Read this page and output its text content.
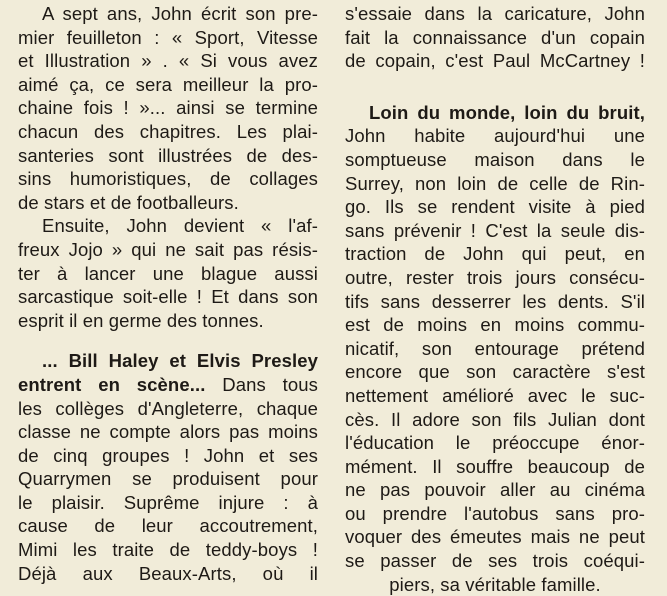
A sept ans, John écrit son pre-
mier feuilleton : « Sport, Vitesse
et Illustration » . « Si vous avez
aimé ça, ce sera meilleur la pro-
chaine fois ! »... ainsi se termine
chacun des chapitres. Les plai-
santeries sont illustrées de des-
sins humoristiques, de collages
de stars et de footballeurs.
Ensuite, John devient « l'af-
freux Jojo » qui ne sait pas résis-
ter à lancer une blague aussi
sarcastique soit-elle ! Et dans son
esprit il en germe des tonnes.
... Bill Haley et Elvis Presley
entrent en scène... Dans tous
les collèges d'Angleterre, chaque
classe ne compte alors pas moins
de cinq groupes ! John et ses
Quarrymen se produisent pour
le plaisir. Suprême injure : à
cause de leur accoutrement,
Mimi les traite de teddy-boys !
Déjà aux Beaux-Arts, où il
s'essaie dans la caricature, John
fait la connaissance d'un copain
de copain, c'est Paul McCartney !
Loin du monde, loin du bruit,
John habite aujourd'hui une
somptueuse maison dans le
Surrey, non loin de celle de Rin-
go. Ils se rendent visite à pied
sans prévenir ! C'est la seule dis-
traction de John qui peut, en
outre, rester trois jours consécu-
tifs sans desserrer les dents. S'il
est de moins en moins commu-
nicatif, son entourage prétend
encore que son caractère s'est
nettement amélioré avec le suc-
cès. Il adore son fils Julian dont
l'éducation le préoccupe énor-
mément. Il souffre beaucoup de
ne pas pouvoir aller au cinéma
ou prendre l'autobus sans pro-
voquer des émeutes mais ne peut
se passer de ses trois coéqui-
piers, sa véritable famille.
